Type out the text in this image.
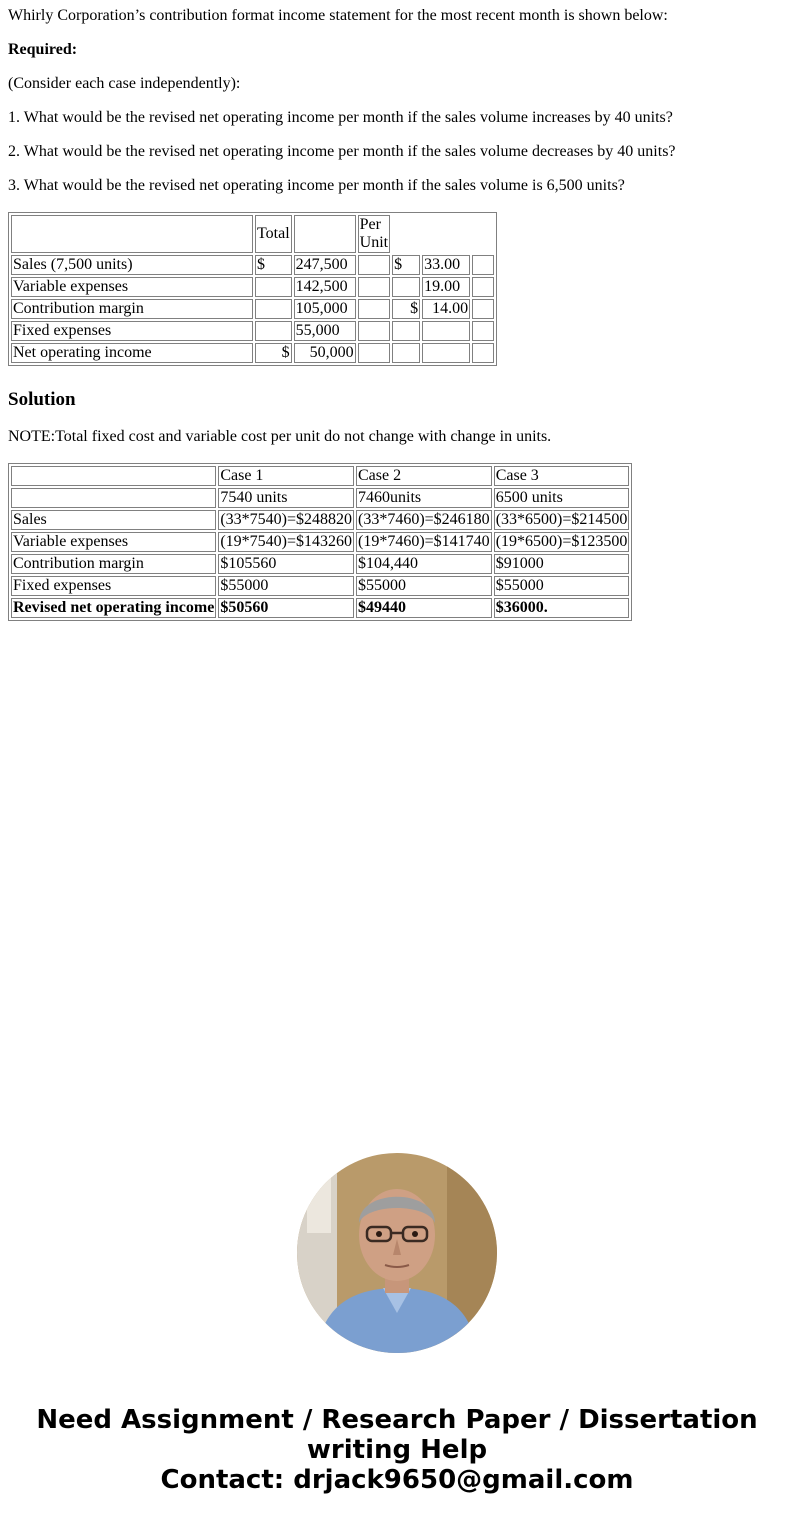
Whirly Corporation’s contribution format income statement for the most recent month is shown below:

Required:

(Consider each case independently):

1. What would be the revised net operating income per month if the sales volume increases by 40 units?

2. What would be the revised net operating income per month if the sales volume decreases by 40 units?

3. What would be the revised net operating income per month if the sales volume is 6,500 units?

	Total		Per Unit			
Sales (7,500 units)	$	247,500		$	33.00	
Variable expenses		142,500			19.00	
Contribution margin		105,000		$	14.00	
Fixed expenses		55,000				
Net operating income	$	50,000				
Solution

NOTE:Total fixed cost and variable cost per unit do not change with change in units.

	Case 1	Case 2	Case 3
	7540 units	7460units	6500 units
Sales	(33*7540)=$248820	(33*7460)=$246180	(33*6500)=$214500
Variable expenses	(19*7540)=$143260	(19*7460)=$141740	(19*6500)=$123500
Contribution margin	$105560	$104,440	$91000
Fixed expenses	$55000	$55000	$55000
Revised net operating income	$50560	$49440	$36000.
Need Assignment / Research Paper / Dissertation
writing Help
Contact: drjack9650@gmail.com
